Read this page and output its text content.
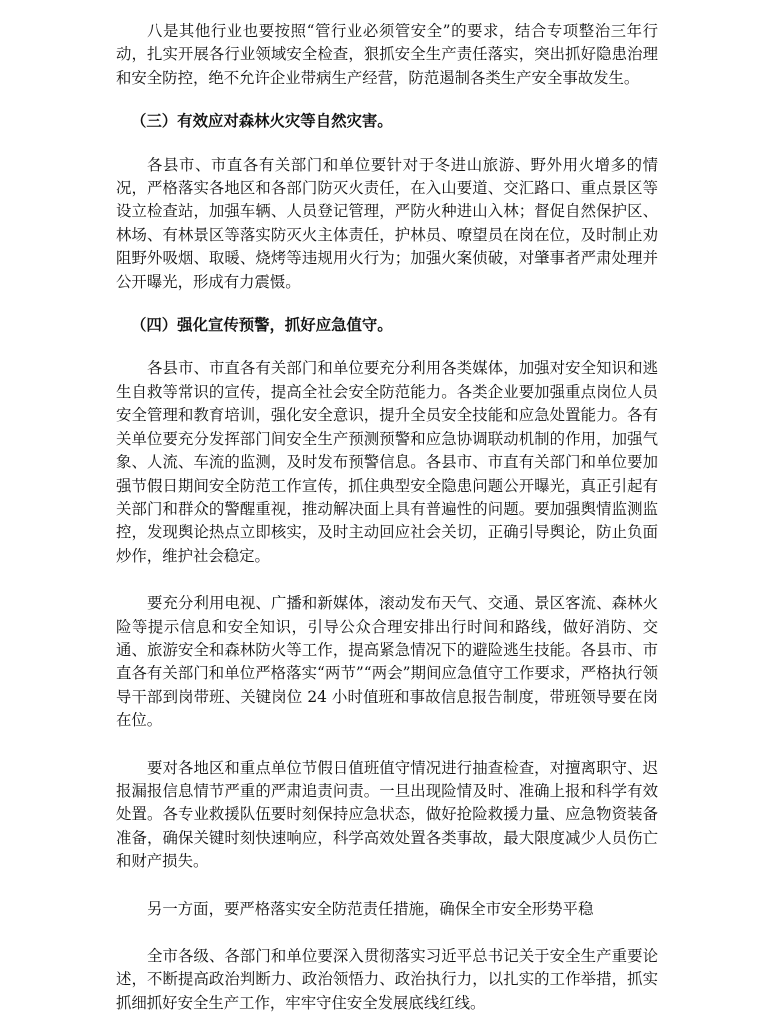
八是其他行业也要按照“管行业必须管安全”的要求，结合专项整治三年行动，扎实开展各行业领域安全检查，狠抓安全生产责任落实，突出抓好隐患治理和安全防控，绝不允许企业带病生产经营，防范遏制各类生产安全事故发生。

（三）有效应对森林火灾等自然灾害。

各县市、市直各有关部门和单位要针对于冬进山旅游、野外用火增多的情况，严格落实各地区和各部门防灭火责任，在入山要道、交汇路口、重点景区等设立检查站，加强车辆、人员登记管理，严防火种进山入林；督促自然保护区、林场、有林景区等落实防灭火主体责任，护林员、嘹望员在岗在位，及时制止劝阻野外吸烟、取暖、烧烤等违规用火行为；加强火案侦破，对肇事者严肃处理并公开曝光，形成有力震慑。

（四）强化宣传预警，抓好应急值守。

各县市、市直各有关部门和单位要充分利用各类媒体，加强对安全知识和逃生自救等常识的宣传，提高全社会安全防范能力。各类企业要加强重点岗位人员安全管理和教育培训，强化安全意识，提升全员安全技能和应急处置能力。各有关单位要充分发挥部门间安全生产预测预警和应急协调联动机制的作用，加强气象、人流、车流的监测，及时发布预警信息。各县市、市直有关部门和单位要加强节假日期间安全防范工作宣传，抓住典型安全隐患问题公开曝光，真正引起有关部门和群众的警醒重视，推动解决面上具有普遍性的问题。要加强舆情监测监控，发现舆论热点立即核实，及时主动回应社会关切，正确引导舆论，防止负面炒作，维护社会稳定。

要充分利用电视、广播和新媒体，滚动发布天气、交通、景区客流、森林火险等提示信息和安全知识，引导公众合理安排出行时间和路线，做好消防、交通、旅游安全和森林防火等工作，提高紧急情况下的避险逃生技能。各县市、市直各有关部门和单位严格落实“两节”“两会”期间应急值守工作要求，严格执行领导干部到岗带班、关键岗位 24 小时值班和事故信息报告制度，带班领导要在岗在位。

要对各地区和重点单位节假日值班值守情况进行抽查检查，对擅离职守、迟报漏报信息情节严重的严肃追责问责。一旦出现险情及时、准确上报和科学有效处置。各专业救援队伍要时刻保持应急状态，做好抢险救援力量、应急物资装备准备，确保关键时刻快速响应，科学高效处置各类事故，最大限度减少人员伤亡和财产损失。

另一方面，要严格落实安全防范责任措施，确保全市安全形势平稳

全市各级、各部门和单位要深入贯彻落实习近平总书记关于安全生产重要论述，不断提高政治判断力、政治领悟力、政治执行力，以扎实的工作举措，抓实抓细抓好安全生产工作，牢牢守住安全发展底线红线。
